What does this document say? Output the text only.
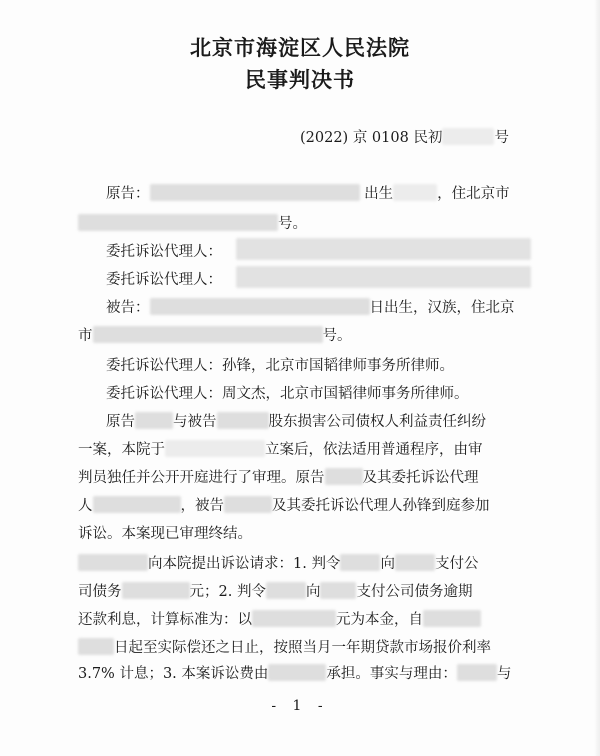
北京市海淀区人民法院
民事判决书
(2022) 京 0108 民初	号
原告：	出生	，住北京市
号。
委托诉讼代理人：
委托诉讼代理人：
被告：	日出生，汉族，住北京
市	号。
委托诉讼代理人：孙锋，北京市国韬律师事务所律师。
委托诉讼代理人：周文杰，北京市国韬律师事务所律师。
原告	与被告	股东损害公司债权人利益责任纠纷
一案，本院于	立案后，依法适用普通程序，由审
判员独任并公开开庭进行了审理。原告	及其委托诉讼代理
人	，被告	及其委托诉讼代理人孙锋到庭参加
诉讼。本案现已审理终结。
向本院提出诉讼请求：1. 判令	向	支付公
司债务	元；2. 判令	向 支付公司债务逾期
还款利息，计算标准为：以	元为本金，自
日起至实际偿还之日止，按照当月一年期贷款市场报价利率
3.7% 计息；3. 本案诉讼费由	承担。事实与理由：	与
- 1 -
